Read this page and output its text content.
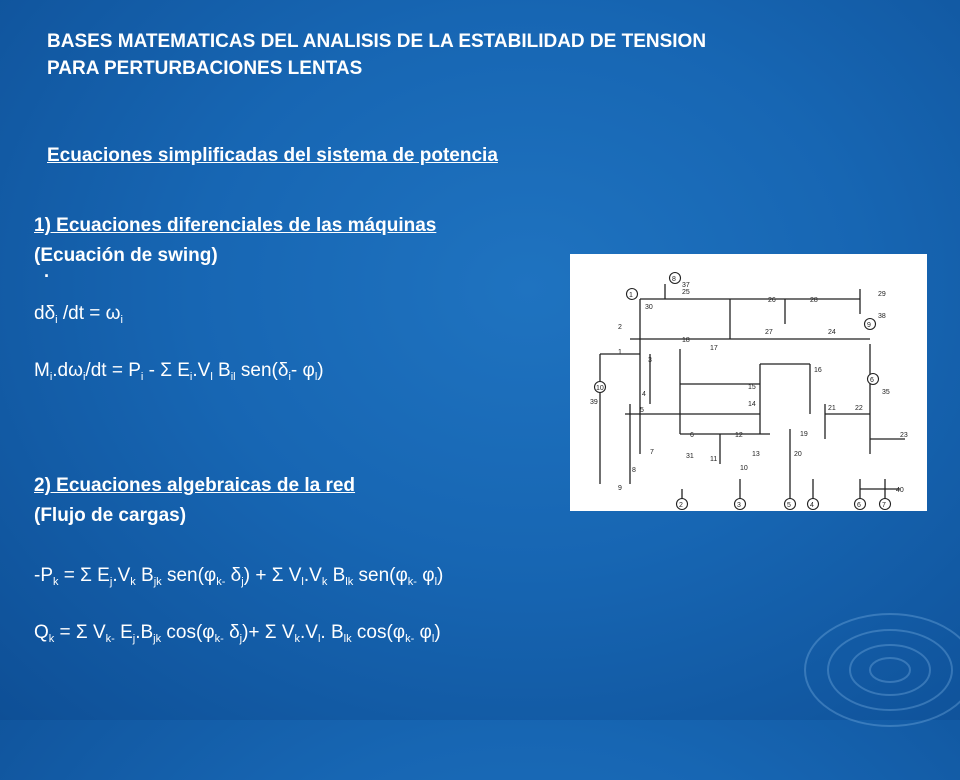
BASES MATEMATICAS DEL ANALISIS DE LA ESTABILIDAD DE TENSION
PARA PERTURBACIONES LENTAS
Ecuaciones simplificadas del sistema de potencia
1) Ecuaciones diferenciales de las máquinas
(Ecuación de swing)
·
$d\delta_i$ $/dt = \omega_i$
$M_i.d\omega_i/dt = P_i - \Sigma$ $E_i.V_l$ $B_{il}$ $sen(\delta_i-$ $\varphi_l$)
2) Ecuaciones algebraicas de la red
(Flujo de cargas)
$-P_k = \Sigma$ $E_j.V_k$ $B_{jk}$ $sen(\varphi_{k-}$ $\delta_j) + \Sigma$ $V_l.V_k$ $B_{lk}$ $sen(\varphi_{k-}$ $\varphi_l$)
$Q_k = \Sigma$ $V_{k-}$ $E_j.B_{jk}$ $\cos(\varphi_{k-}$ $\delta_j)+ \Sigma$ $V_k.V_l$. $B_{lk}$ $\cos(\varphi_{k-}$ $\varphi_l$)
1
8
10
9
6
2	3	5	4	6	7
30
37
25
26	28
29
38
2
27	24
18
17
1
3
16
35
15
14
39
4
5	21	22
6	12	19	23
7
31 11
13	20
10
8
9	40
